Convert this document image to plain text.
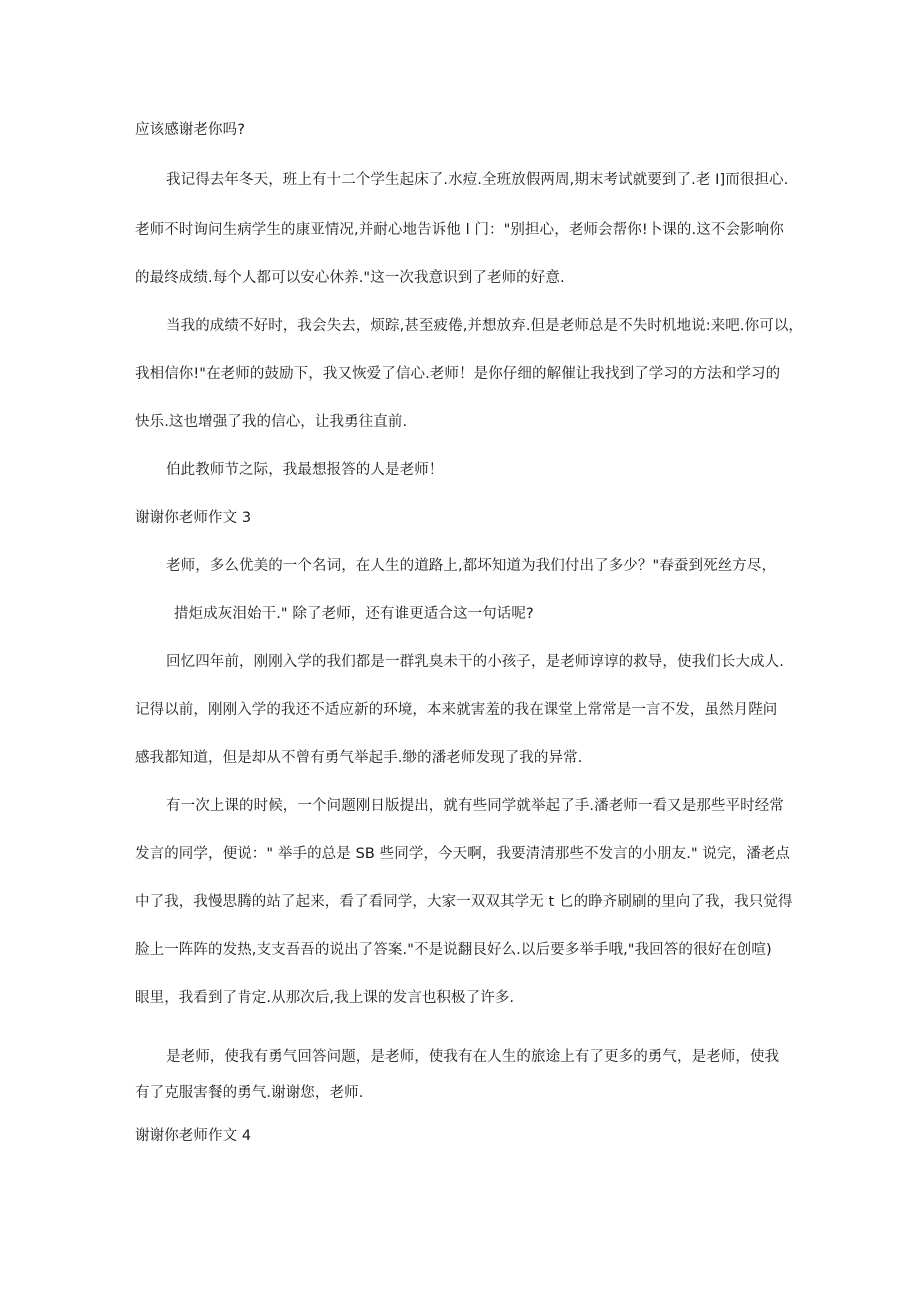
应该感谢老你吗?
我记得去年冬天，班上有十二个学生起床了.水痘.全班放假两周,期末考试就要到了.老 I]而很担心.
老师不时询问生病学生的康亚情况,并耐心地告诉他 l 门："别担心，老师会帮你!卜课的.这不会影响你
的最终成绩.每个人都可以安心休养."这一次我意识到了老师的好意.
当我的成绩不好时，我会失去，烦踪,甚至疲倦,并想放弃.但是老师总是不失时机地说:来吧.你可以，
我相信你!"在老师的鼓励下，我又恢爱了信心.老师！是你仔细的解催让我找到了学习的方法和学习的
快乐.这也增强了我的信心，让我勇往直前.
伯此教师节之际，我最想报答的人是老师！
谢谢你老师作文 3
老师，多么优美的一个名词，在人生的道路上,都坏知道为我们付出了多少？"春蚕到死丝方尽，
措炬成灰泪始干." 除了老师，还有谁更适合这一句话呢?
回忆四年前，刚刚入学的我们都是一群乳臭未干的小孩子，是老师谆谆的救导，使我们长大成人.
记得以前，刚刚入学的我还不适应新的环境，本来就害羞的我在课堂上常常是一言不发，虽然月陛问
感我都知道，但是却从不曾有勇气举起手.缈的潘老师发现了我的异常.
有一次上课的时候，一个问题刚日版提出，就有些同学就举起了手.潘老师一看又是那些平时经常
发言的同学，便说：" 举手的总是 SB 些同学，今天啊，我要清清那些不发言的小朋友." 说完，潘老点
中了我，我慢思腾的站了起来，看了看同学，大家一双双其学无 t 匕的睁齐刷刷的里向了我，我只觉得
脸上一阵阵的发热,支支吾吾的说出了答案."不是说翻艮好么.以后要多举手哦,"我回答的很好在创喧)
眼里，我看到了肯定.从那次后,我上课的发言也积极了许多.
是老师，使我有勇气回答问题，是老师，使我有在人生的旅途上有了更多的勇气，是老师，使我
有了克服害餐的勇气.谢谢您，老师.
谢谢你老师作文 4
